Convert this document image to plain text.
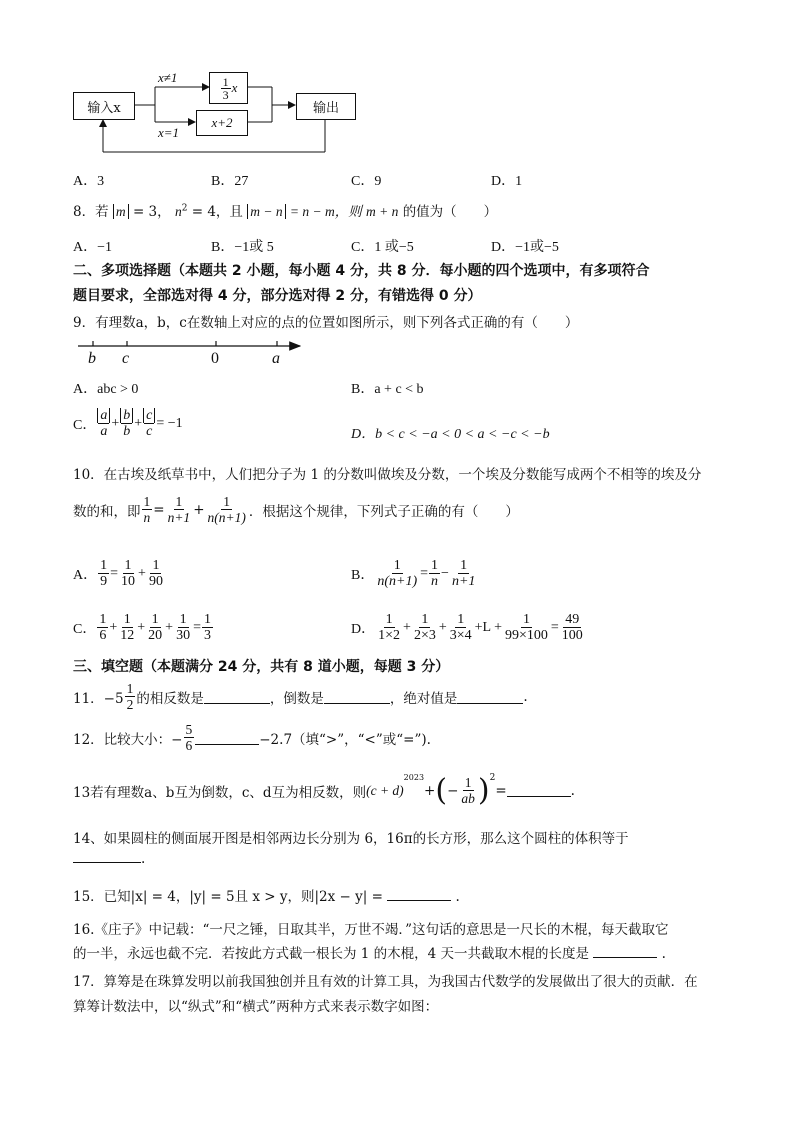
输入x
x≠1
x=1
$\frac{1}{3}$ x
x+2
输出
A．3	B．27	C．9	D．1
8．若 m = 3， $n^2 = 4$，且 m − n = n − m，则 m + n 的值为（　　）
A．−1	B．−1或 5	C．1 或−5	D．−1或−5
二、多项选择题（本题共 2 小题，每小题 4 分，共 8 分．每小题的四个选项中，有多项符合
题目要求，全部选对得 4 分，部分选对得 2 分，有错选得 0 分）
9．有理数a，b，c在数轴上对应的点的位置如图所示，则下列各式正确的有（　　）
b c	0	a
A．abc > 0	B．a + c < b
C． $\frac{a}{a} + \frac{b}{b} + \frac{c}{c} = -1$
D．b < c < −a < 0 < a < −c < −b
10．在古埃及纸草书中，人们把分子为 1 的分数叫做埃及分数，一个埃及分数能写成两个不相等的埃及分
数的和，即 $\frac{1}{n} = \frac{1}{n+1} + \frac{1}{n(n+1)}$ ．根据这个规律，下列式子正确的有（　　）
A． $\frac{1}{9} = \frac{1}{10} + \frac{1}{90}$	B． $\frac{1}{n(n+1)} = \frac{1}{n} - \frac{1}{n+1}$
C． $\frac{1}{6} + \frac{1}{12} + \frac{1}{20} + \frac{1}{30} = \frac{1}{3}$	D． $\frac{1}{1\times 2} + \frac{1}{2\times 3} + \frac{1}{3\times 4} +L + \frac{1}{99\times 100} = \frac{49}{100}$
三、填空题（本题满分 24 分，共有 8 道小题，每题 3 分）
11．$-5 \frac{1}{2}$ 的相反数是	，倒数是	，绝对值是	.
12．比较大小：− $\frac{5}{6}$	−2.7（填“>”，“<”或“=”).
13若有理数a、b互为倒数，c、d互为相反数，则 (c + d)
2023
+ ( − $\frac{1}{ab} )^2$
=	.
14、如果圆柱的侧面展开图是相邻两边长分别为 6，16π的长方形，那么这个圆柱的体积等于
.
15．已知|x| = 4，|y| = 5且 x > y，则|2x − y| =	.
16.《庄子》中记载：“一尺之锤，日取其半，万世不竭．”这句话的意思是一尺长的木棍，每天截取它
的一半，永远也截不完．若按此方式截一根长为 1 的木棍，4 天一共截取木棍的长度是	.
17．算筹是在珠算发明以前我国独创并且有效的计算工具，为我国古代数学的发展做出了很大的贡献．在
算筹计数法中，以“纵式”和“横式”两种方式来表示数字如图：
